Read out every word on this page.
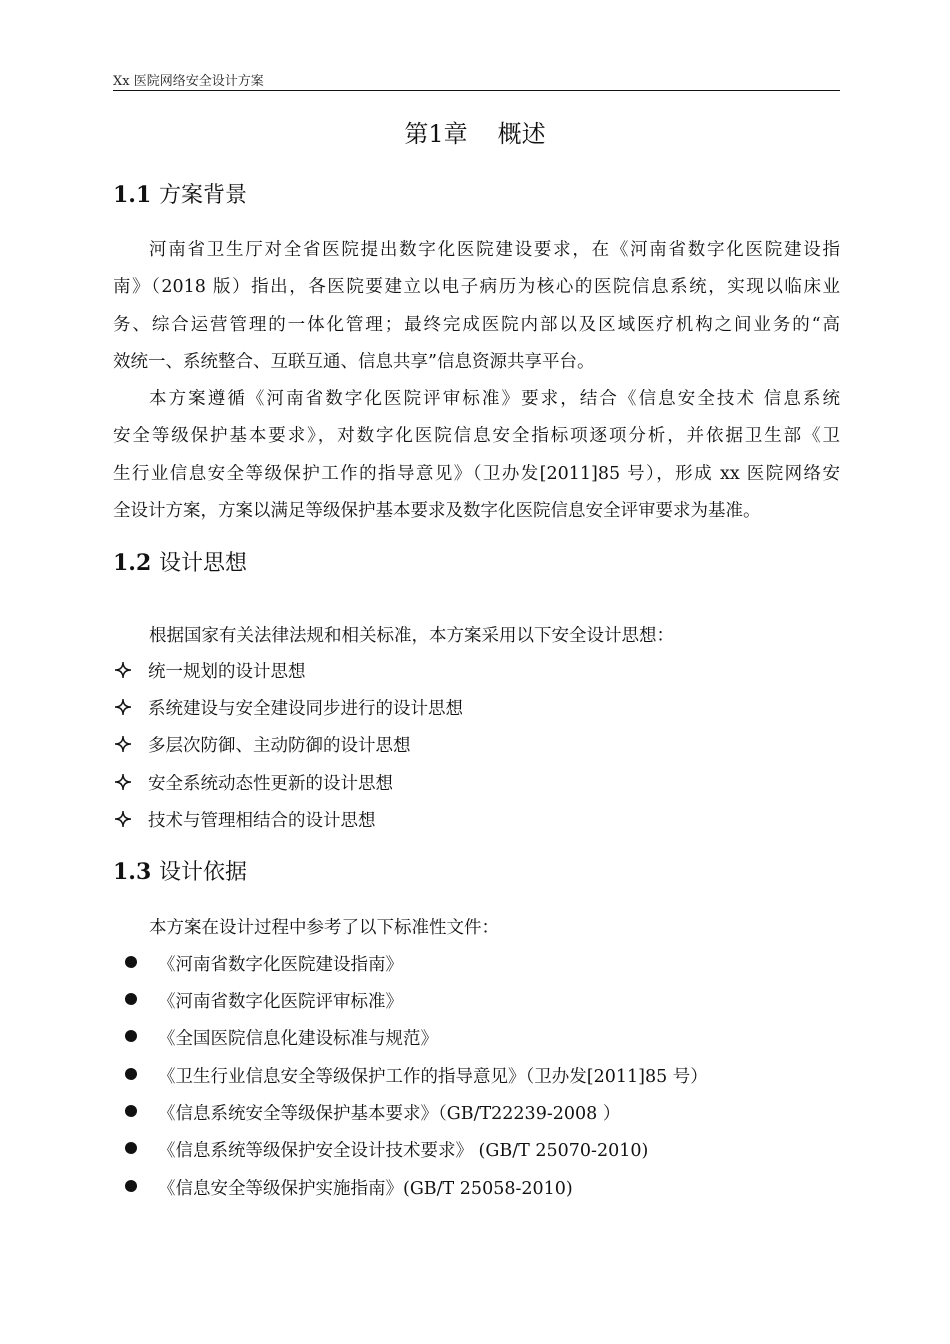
Xx 医院网络安全设计方案
第1章 概述
1.1 方案背景
河南省卫生厅对全省医院提出数字化医院建设要求，在《河南省数字化医院建设指
南》（2018 版）指出，各医院要建立以电子病历为核心的医院信息系统，实现以临床业
务、综合运营管理的一体化管理；最终完成医院内部以及区域医疗机构之间业务的“高
效统一、系统整合、互联互通、信息共享”信息资源共享平台。
本方案遵循《河南省数字化医院评审标准》要求，结合《信息安全技术 信息系统
安全等级保护基本要求》，对数字化医院信息安全指标项逐项分析，并依据卫生部《卫
生行业信息安全等级保护工作的指导意见》（卫办发[2011]85 号），形成 xx 医院网络安
全设计方案，方案以满足等级保护基本要求及数字化医院信息安全评审要求为基准。
1.2 设计思想
根据国家有关法律法规和相关标准，本方案采用以下安全设计思想：
统一规划的设计思想
系统建设与安全建设同步进行的设计思想
多层次防御、主动防御的设计思想
安全系统动态性更新的设计思想
技术与管理相结合的设计思想
1.3 设计依据
本方案在设计过程中参考了以下标准性文件：
《河南省数字化医院建设指南》
《河南省数字化医院评审标准》
《全国医院信息化建设标准与规范》
《卫生行业信息安全等级保护工作的指导意见》（卫办发[2011]85 号）
《信息系统安全等级保护基本要求》（GB/T22239-2008 ）
《信息系统等级保护安全设计技术要求》 (GB/T 25070-2010)
《信息安全等级保护实施指南》(GB/T 25058-2010)
